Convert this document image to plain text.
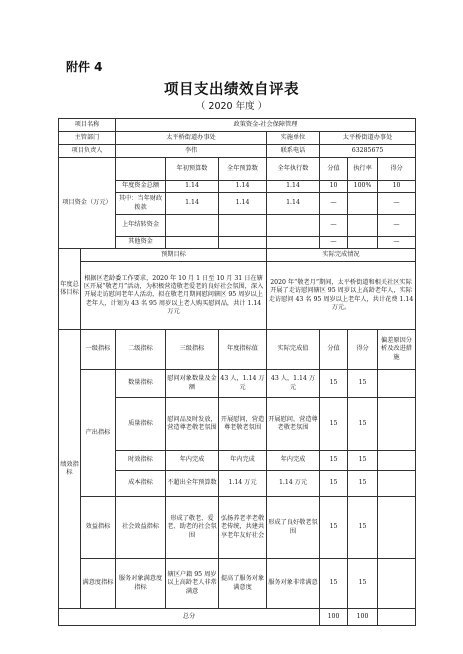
附件 4
项目支出绩效自评表
（ 2020 年度 ）
项目名称		政策资金-社会保障管理						
主管部门		太平桥街道办事处			实施单位	太平桥街道办事处		
项目负责人		李伟			联系电话	63285675		
项目资金（万元）			年初预算数	全年预算数	全年执行数	分值	执行率	得分
		年度资金总额	1.14	1.14	1.14	10	100%	10
		其中：当年财政拨款	1.14	1.14	1.14	—		—
		上年结转资金				—		—
		其他资金				—		—
年度总体目标	预期目标				实际完成情况			
	根据区老龄委工作要求，2020 年 10 月 1 日至 10 月 31 日在辖区开展“敬老月”活动，为积极营造敬老爱老的良好社会氛围，深入开展走访慰问老年人活动，拟在敬老月期间慰问辖区 95 周岁以上老年人，计划为 43 名 95 周岁以上老人购买慰问品，共计 1.14 万元				2020 年“敬老月”期间，太平桥街道和相关社区实际开展了走访慰问辖区 95 周岁以上高龄老年人，实际走访慰问 43 名 95 周岁以上老年人，共计花费 1.14 万元。			
绩效指标	一级指标	二级指标	三级指标	年度指标值	实际完成值	分值	得分	偏差原因分析及改进措施
	产出指标	数量指标	慰问对象数量及金额	43 人，1.14 万元	43 人，1.14 万元	15	15	
		质量指标	慰问品及时发放，营造尊老敬老氛围	开展慰问，营造尊老敬老氛围	开展慰问，营造尊老敬老氛围	15	15	
		时效指标	年内完成	年内完成	年内完成	15	15	
		成本指标	不超出全年预算数	1.14 万元	1.14 万元	15	15	
	效益指标	社会效益指标	形成了敬老、爱老、助老的社会氛围	弘扬养老孝老敬老传统，共建共享老年友好社会	形成了良好敬老氛围	15	15	
	满意度指标	服务对象满意度指标	辖区户籍 95 周岁以上高龄老人非常满意	提高了服务对象满意度	服务对象非常满意	15	15	
总分						100	100	
